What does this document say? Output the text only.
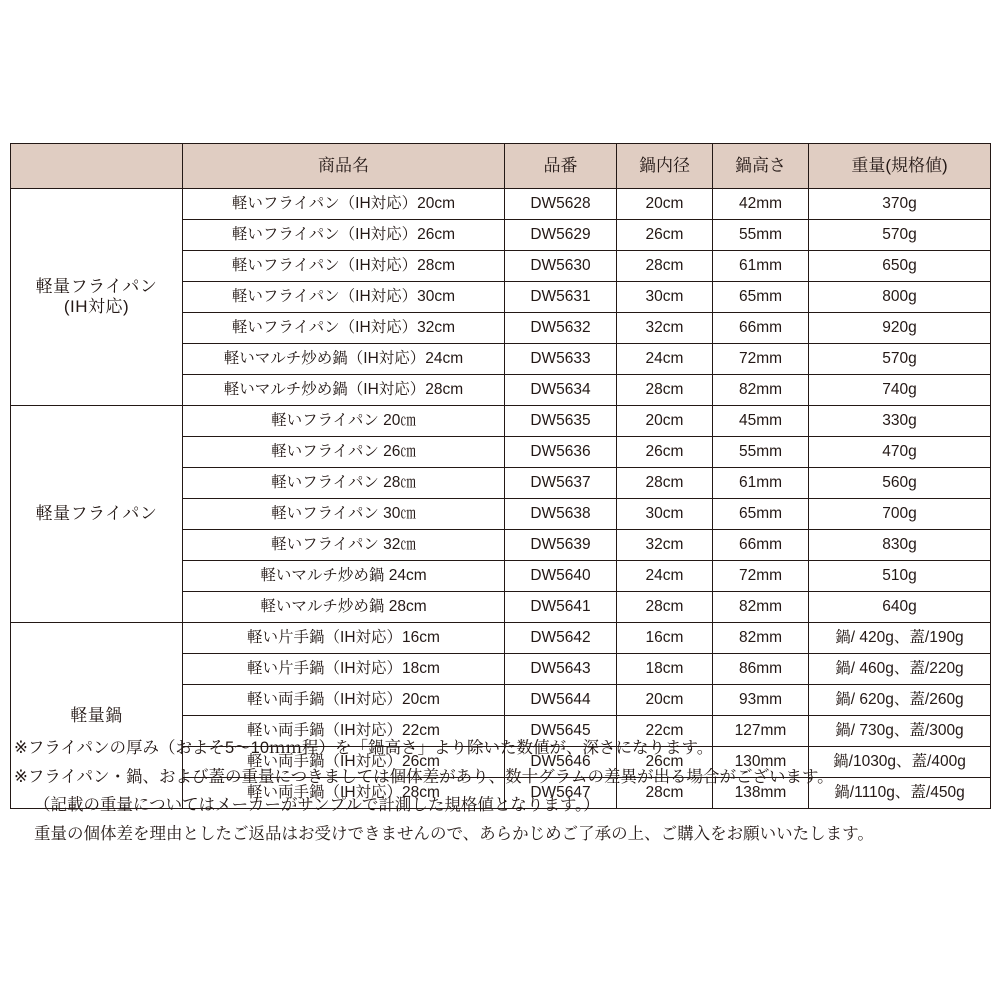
	商品名	品番	鍋内径	鍋高さ	重量(規格値)
軽量フライパン
(IH対応)	軽いフライパン（IH対応）20cm	DW5628	20cm	42mm	370g
	軽いフライパン（IH対応）26cm	DW5629	26cm	55mm	570g
	軽いフライパン（IH対応）28cm	DW5630	28cm	61mm	650g
	軽いフライパン（IH対応）30cm	DW5631	30cm	65mm	800g
	軽いフライパン（IH対応）32cm	DW5632	32cm	66mm	920g
	軽いマルチ炒め鍋（IH対応）24cm	DW5633	24cm	72mm	570g
	軽いマルチ炒め鍋（IH対応）28cm	DW5634	28cm	82mm	740g
軽量フライパン	軽いフライパン 20㎝	DW5635	20cm	45mm	330g
	軽いフライパン 26㎝	DW5636	26cm	55mm	470g
	軽いフライパン 28㎝	DW5637	28cm	61mm	560g
	軽いフライパン 30㎝	DW5638	30cm	65mm	700g
	軽いフライパン 32㎝	DW5639	32cm	66mm	830g
	軽いマルチ炒め鍋 24cm	DW5640	24cm	72mm	510g
	軽いマルチ炒め鍋 28cm	DW5641	28cm	82mm	640g
軽量鍋	軽い片手鍋（IH対応）16cm	DW5642	16cm	82mm	鍋/ 420g、蓋/190g
	軽い片手鍋（IH対応）18cm	DW5643	18cm	86mm	鍋/ 460g、蓋/220g
	軽い両手鍋（IH対応）20cm	DW5644	20cm	93mm	鍋/ 620g、蓋/260g
	軽い両手鍋（IH対応）22cm	DW5645	22cm	127mm	鍋/ 730g、蓋/300g
	軽い両手鍋（IH対応）26cm	DW5646	26cm	130mm	鍋/1030g、蓋/400g
	軽い両手鍋（IH対応）28cm	DW5647	28cm	138mm	鍋/1110g、蓋/450g

※フライパンの厚み（およそ5～10ｍｍ程）を「鍋高さ」より除いた数値が、深さになります。

※フライパン・鍋、および蓋の重量につきましては個体差があり、数十グラムの差異が出る場合がございます。

（記載の重量についてはメーカーがサンプルで計測した規格値となります。）

重量の個体差を理由としたご返品はお受けできませんので、あらかじめご了承の上、ご購入をお願いいたします。
